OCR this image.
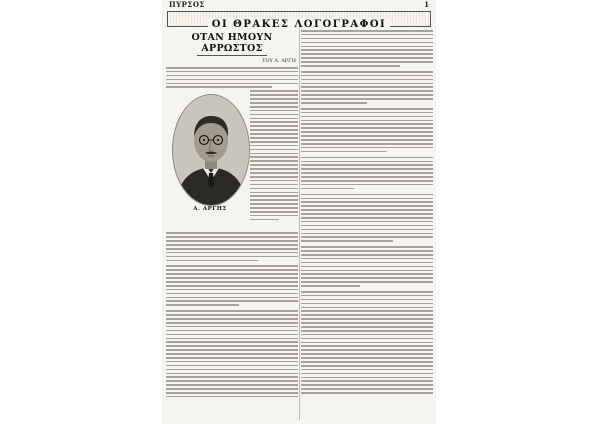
ΠΥΡΣΟΣ	1
ΟΙ ΘΡΑΚΕΣ ΛΟΓΟΓΡΑΦΟΙ
ΟΤΑΝ ΗΜΟΥΝ ΑΡΡΩΣΤΟΣ
ΤΟΥ Α. ΑΡΓΗ
Α. ΑΡΓΗΣ
